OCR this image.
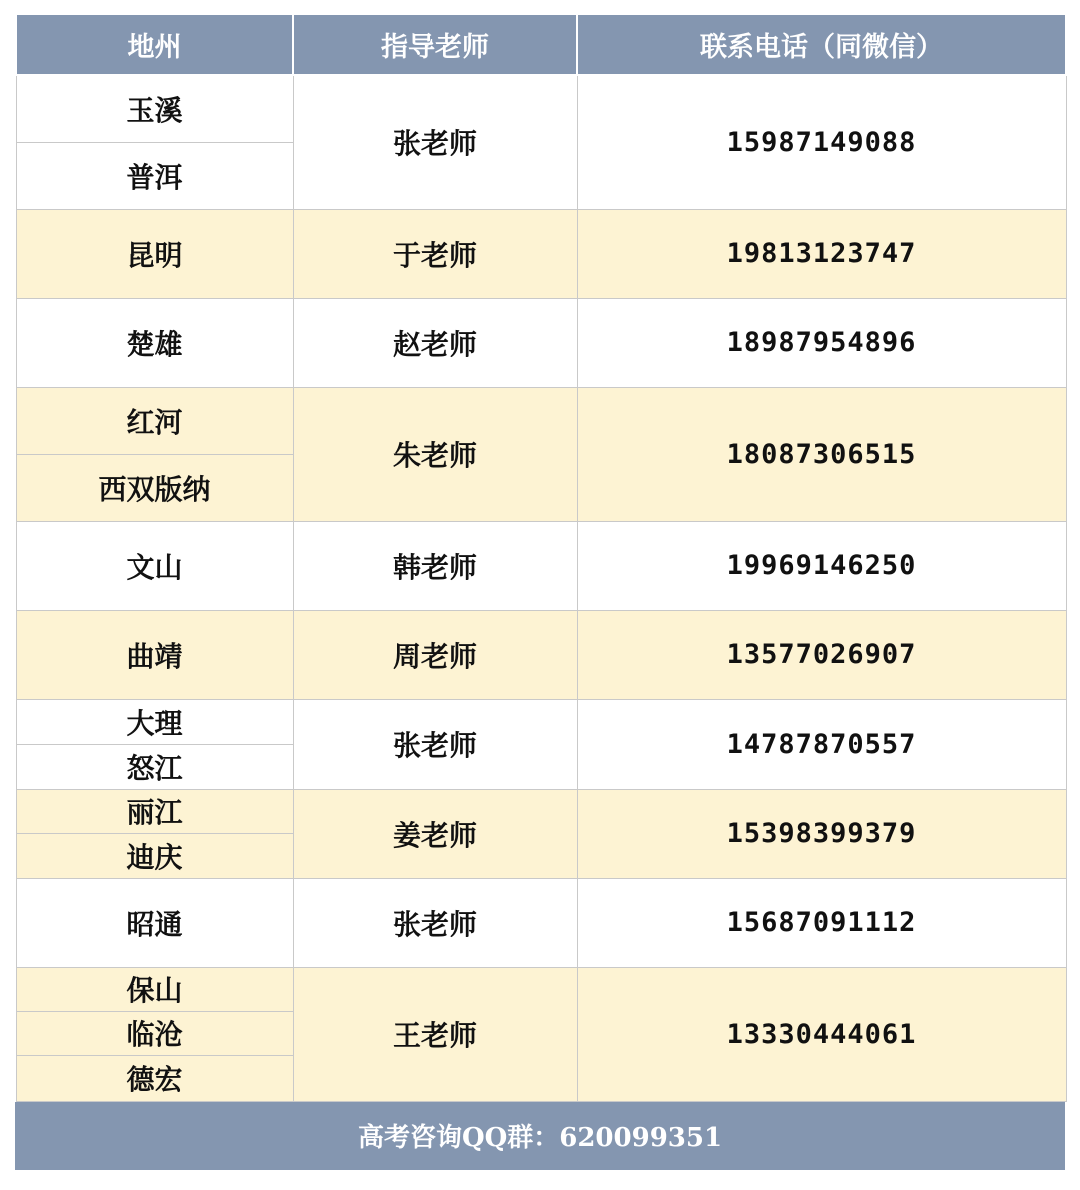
地州	指导老师	联系电话（同微信）
玉溪	张老师	15987149088
普洱		
昆明	于老师	19813123747
楚雄	赵老师	18987954896
红河	朱老师	18087306515
西双版纳		
文山	韩老师	19969146250
曲靖	周老师	13577026907
大理	张老师	14787870557
怒江		
丽江	姜老师	15398399379
迪庆		
昭通	张老师	15687091112
保山	王老师	13330444061
临沧		
德宏		
高考咨询QQ群：620099351
